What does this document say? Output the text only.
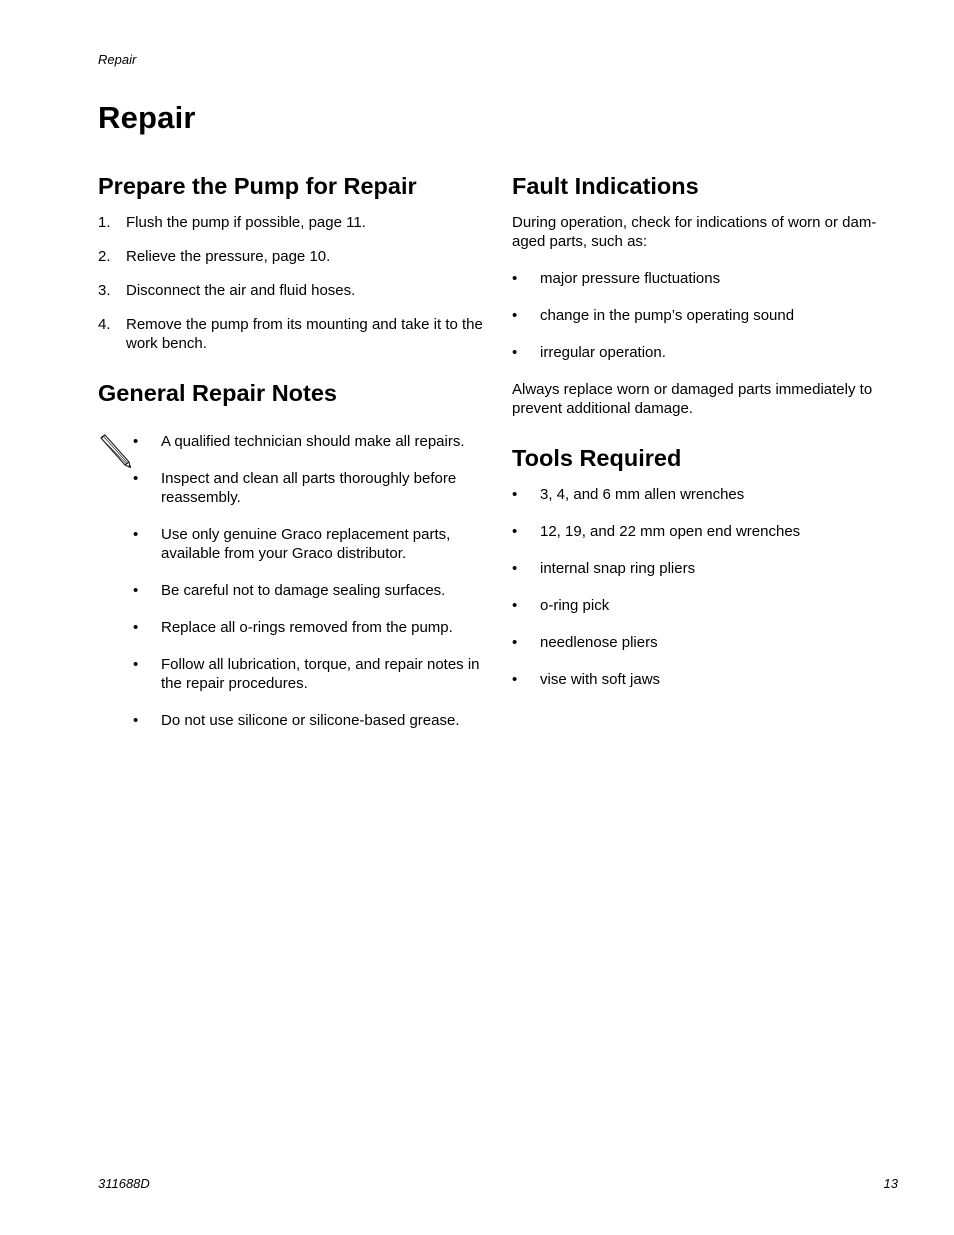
Repair
Repair
Prepare the Pump for Repair
1. Flush the pump if possible, page 11.
2. Relieve the pressure, page 10.
3. Disconnect the air and fluid hoses.
4. Remove the pump from its mounting and take it to the work bench.
General Repair Notes
• A qualified technician should make all repairs.
• Inspect and clean all parts thoroughly before reassembly.
• Use only genuine Graco replacement parts, available from your Graco distributor.
• Be careful not to damage sealing surfaces.
• Replace all o-rings removed from the pump.
• Follow all lubrication, torque, and repair notes in the repair procedures.
• Do not use silicone or silicone-based grease.
Fault Indications

During operation, check for indications of worn or dam-aged parts, such as:

• major pressure fluctuations
• change in the pump’s operating sound
• irregular operation.

Always replace worn or damaged parts immediately to prevent additional damage.

Tools Required
• 3, 4, and 6 mm allen wrenches
• 12, 19, and 22 mm open end wrenches
• internal snap ring pliers
• o-ring pick
• needlenose pliers
• vise with soft jaws
311688D	13
